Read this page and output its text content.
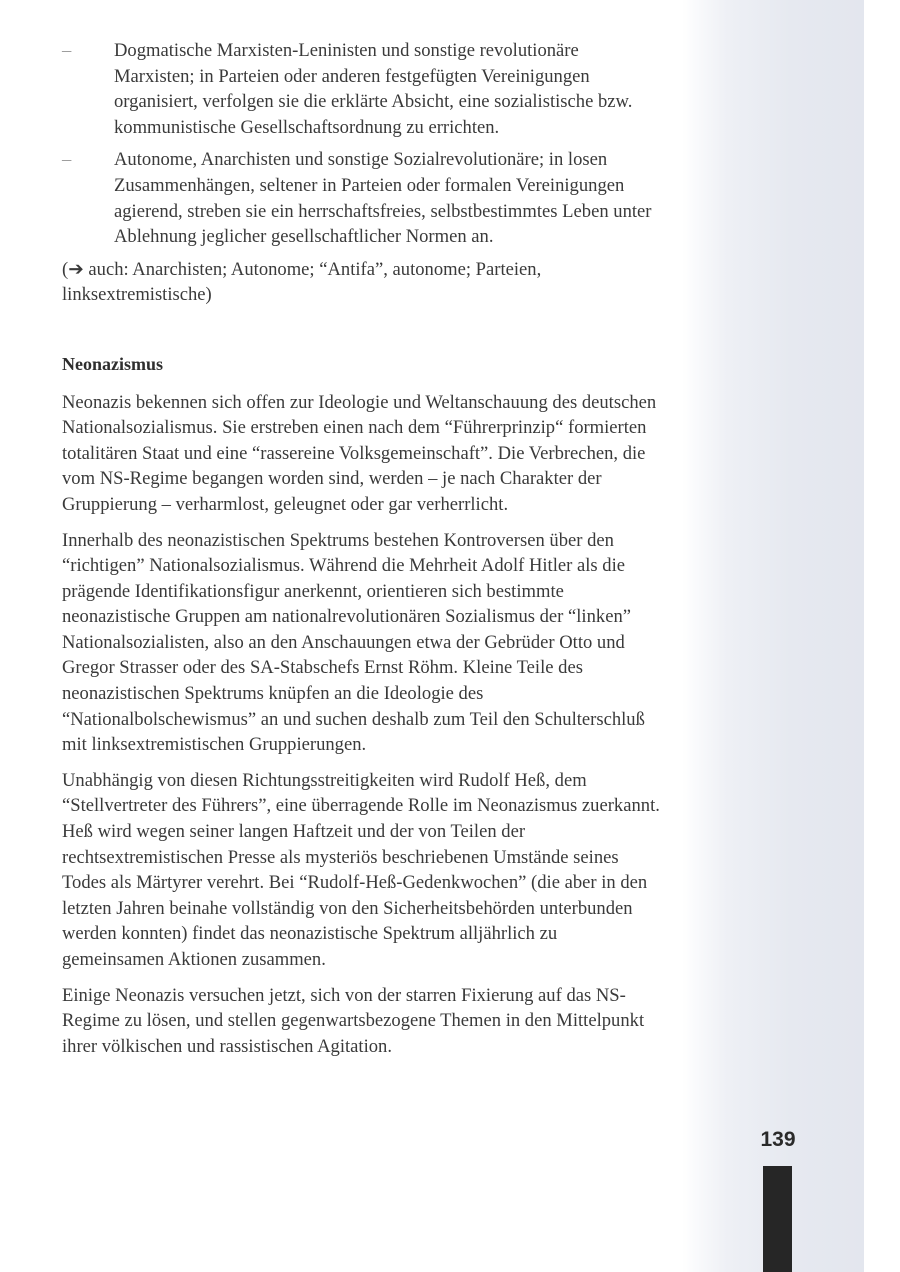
– Dogmatische Marxisten-Leninisten und sonstige revolutionäre Marxisten; in Parteien oder anderen festgefügten Vereinigungen organisiert, verfolgen sie die erklärte Absicht, eine sozialistische bzw. kommunistische Gesellschaftsordnung zu errichten.
– Autonome, Anarchisten und sonstige Sozialrevolutionäre; in losen Zusammenhängen, seltener in Parteien oder formalen Vereinigungen agierend, streben sie ein herrschaftsfreies, selbstbestimmtes Leben unter Ablehnung jeglicher gesellschaftlicher Normen an.

(➔ auch: Anarchisten; Autonome; “Antifa”, autonome; Parteien, linksextremistische)

Neonazismus

Neonazis bekennen sich offen zur Ideologie und Weltanschauung des deutschen Nationalsozialismus. Sie erstreben einen nach dem “Führerprinzip“ formierten totalitären Staat und eine “rassereine Volksgemeinschaft”. Die Verbrechen, die vom NS-Regime begangen worden sind, werden – je nach Charakter der Gruppierung – verharmlost, geleugnet oder gar verherrlicht.

Innerhalb des neonazistischen Spektrums bestehen Kontroversen über den “richtigen” Nationalsozialismus. Während die Mehrheit Adolf Hitler als die prägende Identifikationsfigur anerkennt, orientieren sich bestimmte neonazistische Gruppen am nationalrevolutionären Sozialismus der “linken” Nationalsozialisten, also an den Anschauungen etwa der Gebrüder Otto und Gregor Strasser oder des SA-Stabschefs Ernst Röhm. Kleine Teile des neonazistischen Spektrums knüpfen an die Ideologie des “Nationalbolschewismus” an und suchen deshalb zum Teil den Schulterschluß mit linksextremistischen Gruppierungen.

Unabhängig von diesen Richtungsstreitigkeiten wird Rudolf Heß, dem “Stellvertreter des Führers”, eine überragende Rolle im Neonazismus zuerkannt. Heß wird wegen seiner langen Haftzeit und der von Teilen der rechtsextremistischen Presse als mysteriös beschriebenen Umstände seines Todes als Märtyrer verehrt. Bei “Rudolf-Heß-Gedenkwochen” (die aber in den letzten Jahren beinahe vollständig von den Sicherheitsbehörden unterbunden werden konnten) findet das neonazistische Spektrum alljährlich zu gemeinsamen Aktionen zusammen.

Einige Neonazis versuchen jetzt, sich von der starren Fixierung auf das NS-Regime zu lösen, und stellen gegenwartsbezogene Themen in den Mittelpunkt ihrer völkischen und rassistischen Agitation.

139
